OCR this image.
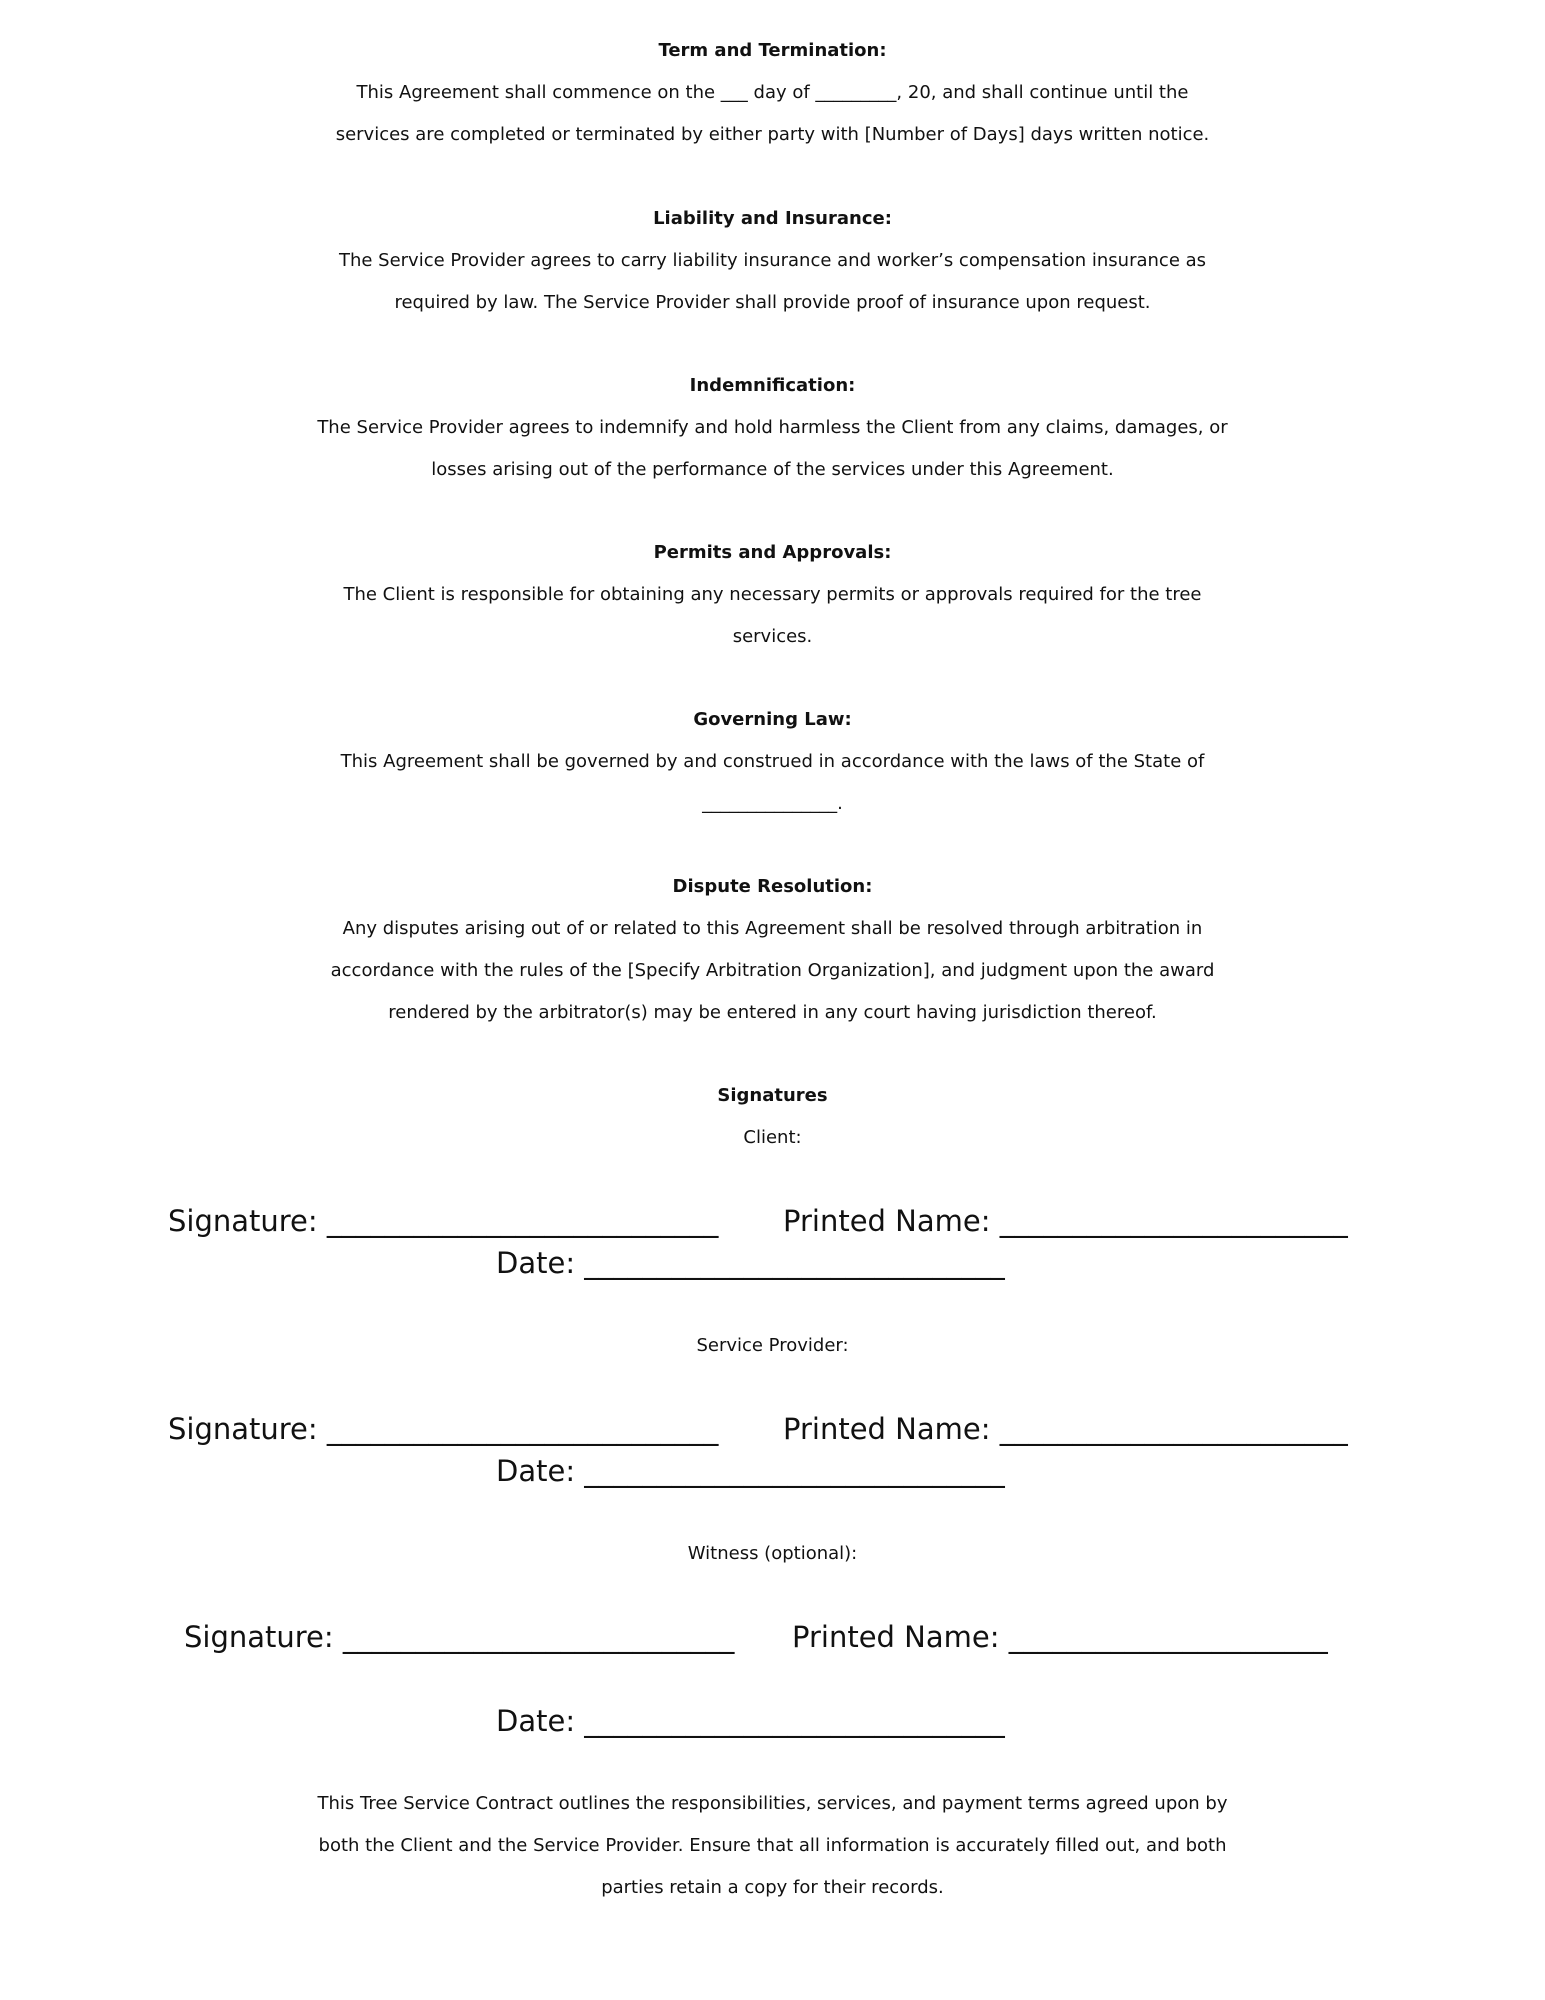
Term and Termination:
This Agreement shall commence on the ___ day of _________, 20, and shall continue until the
services are completed or terminated by either party with [Number of Days] days written notice.
Liability and Insurance:
The Service Provider agrees to carry liability insurance and worker’s compensation insurance as
required by law. The Service Provider shall provide proof of insurance upon request.
Indemnification:
The Service Provider agrees to indemnify and hold harmless the Client from any claims, damages, or
losses arising out of the performance of the services under this Agreement.
Permits and Approvals:
The Client is responsible for obtaining any necessary permits or approvals required for the tree
services.
Governing Law:
This Agreement shall be governed by and construed in accordance with the laws of the State of
_______________.
Dispute Resolution:
Any disputes arising out of or related to this Agreement shall be resolved through arbitration in
accordance with the rules of the [Specify Arbitration Organization], and judgment upon the award
rendered by the arbitrator(s) may be entered in any court having jurisdiction thereof.
Signatures
Client:
Signature: ___________________________ Printed Name: ________________________
Date: _____________________________
Service Provider:
Signature: ___________________________ Printed Name: ________________________
Date: _____________________________
Witness (optional):
Signature: ___________________________ Printed Name: ______________________
Date: _____________________________
This Tree Service Contract outlines the responsibilities, services, and payment terms agreed upon by
both the Client and the Service Provider. Ensure that all information is accurately filled out, and both
parties retain a copy for their records.
